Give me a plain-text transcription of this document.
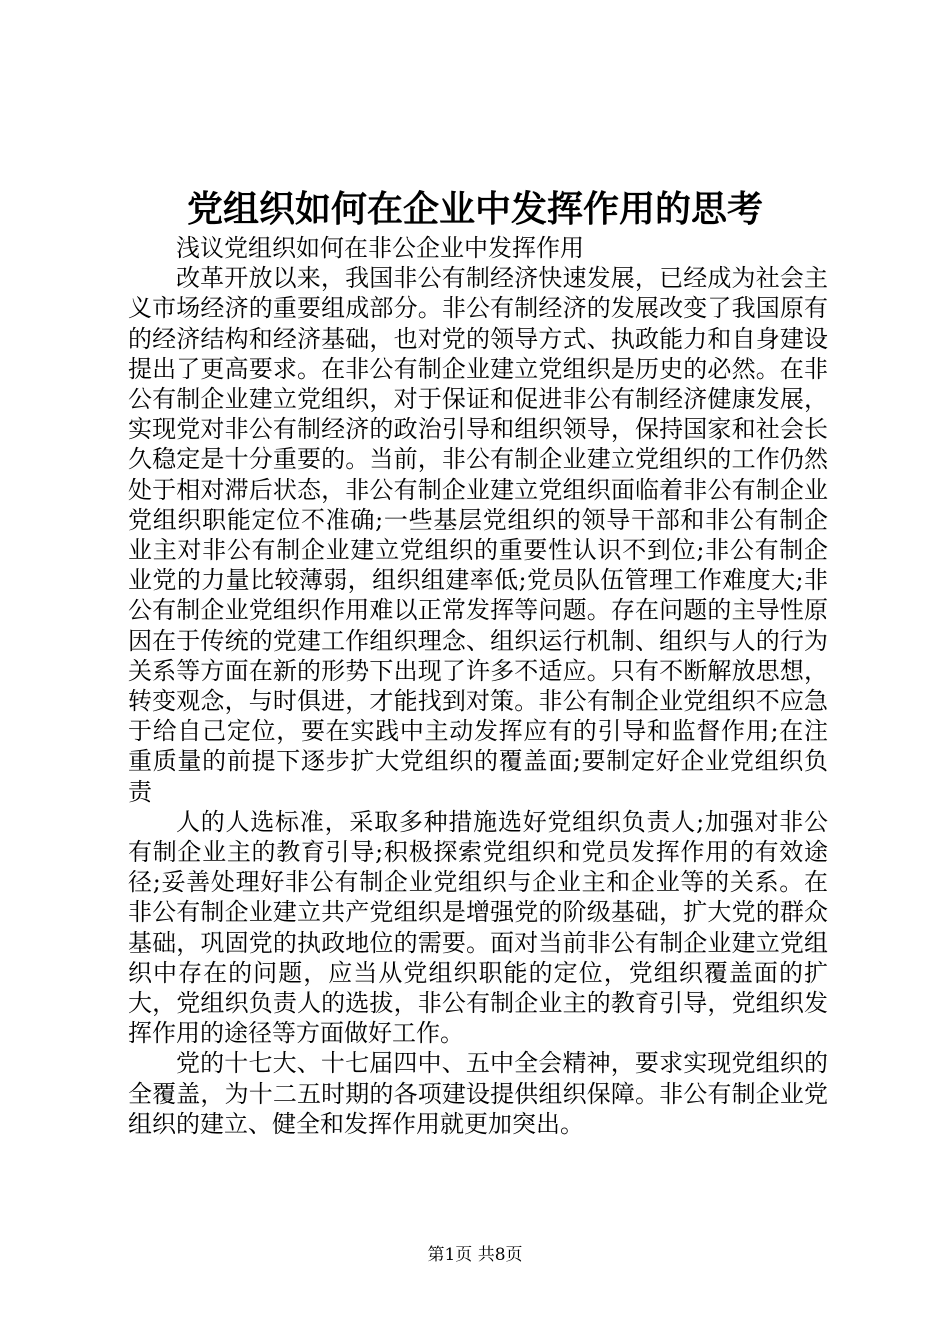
党组织如何在企业中发挥作用的思考

浅议党组织如何在非公企业中发挥作用

改革开放以来，我国非公有制经济快速发展，已经成为社会主义市场经济的重要组成部分。非公有制经济的发展改变了我国原有的经济结构和经济基础，也对党的领导方式、执政能力和自身建设提出了更高要求。在非公有制企业建立党组织是历史的必然。在非公有制企业建立党组织，对于保证和促进非公有制经济健康发展，实现党对非公有制经济的政治引导和组织领导，保持国家和社会长久稳定是十分重要的。当前，非公有制企业建立党组织的工作仍然处于相对滞后状态，非公有制企业建立党组织面临着非公有制企业党组织职能定位不准确;一些基层党组织的领导干部和非公有制企业主对非公有制企业建立党组织的重要性认识不到位;非公有制企业党的力量比较薄弱，组织组建率低;党员队伍管理工作难度大;非公有制企业党组织作用难以正常发挥等问题。存在问题的主导性原因在于传统的党建工作组织理念、组织运行机制、组织与人的行为关系等方面在新的形势下出现了许多不适应。只有不断解放思想，转变观念，与时俱进，才能找到对策。非公有制企业党组织不应急于给自己定位，要在实践中主动发挥应有的引导和监督作用;在注重质量的前提下逐步扩大党组织的覆盖面;要制定好企业党组织负责

人的人选标准，采取多种措施选好党组织负责人;加强对非公有制企业主的教育引导;积极探索党组织和党员发挥作用的有效途径;妥善处理好非公有制企业党组织与企业主和企业等的关系。在非公有制企业建立共产党组织是增强党的阶级基础，扩大党的群众基础，巩固党的执政地位的需要。面对当前非公有制企业建立党组织中存在的问题，应当从党组织职能的定位，党组织覆盖面的扩大，党组织负责人的选拔，非公有制企业主的教育引导，党组织发挥作用的途径等方面做好工作。

党的十七大、十七届四中、五中全会精神，要求实现党组织的全覆盖，为十二五时期的各项建设提供组织保障。非公有制企业党组织的建立、健全和发挥作用就更加突出。

第1页 共8页
